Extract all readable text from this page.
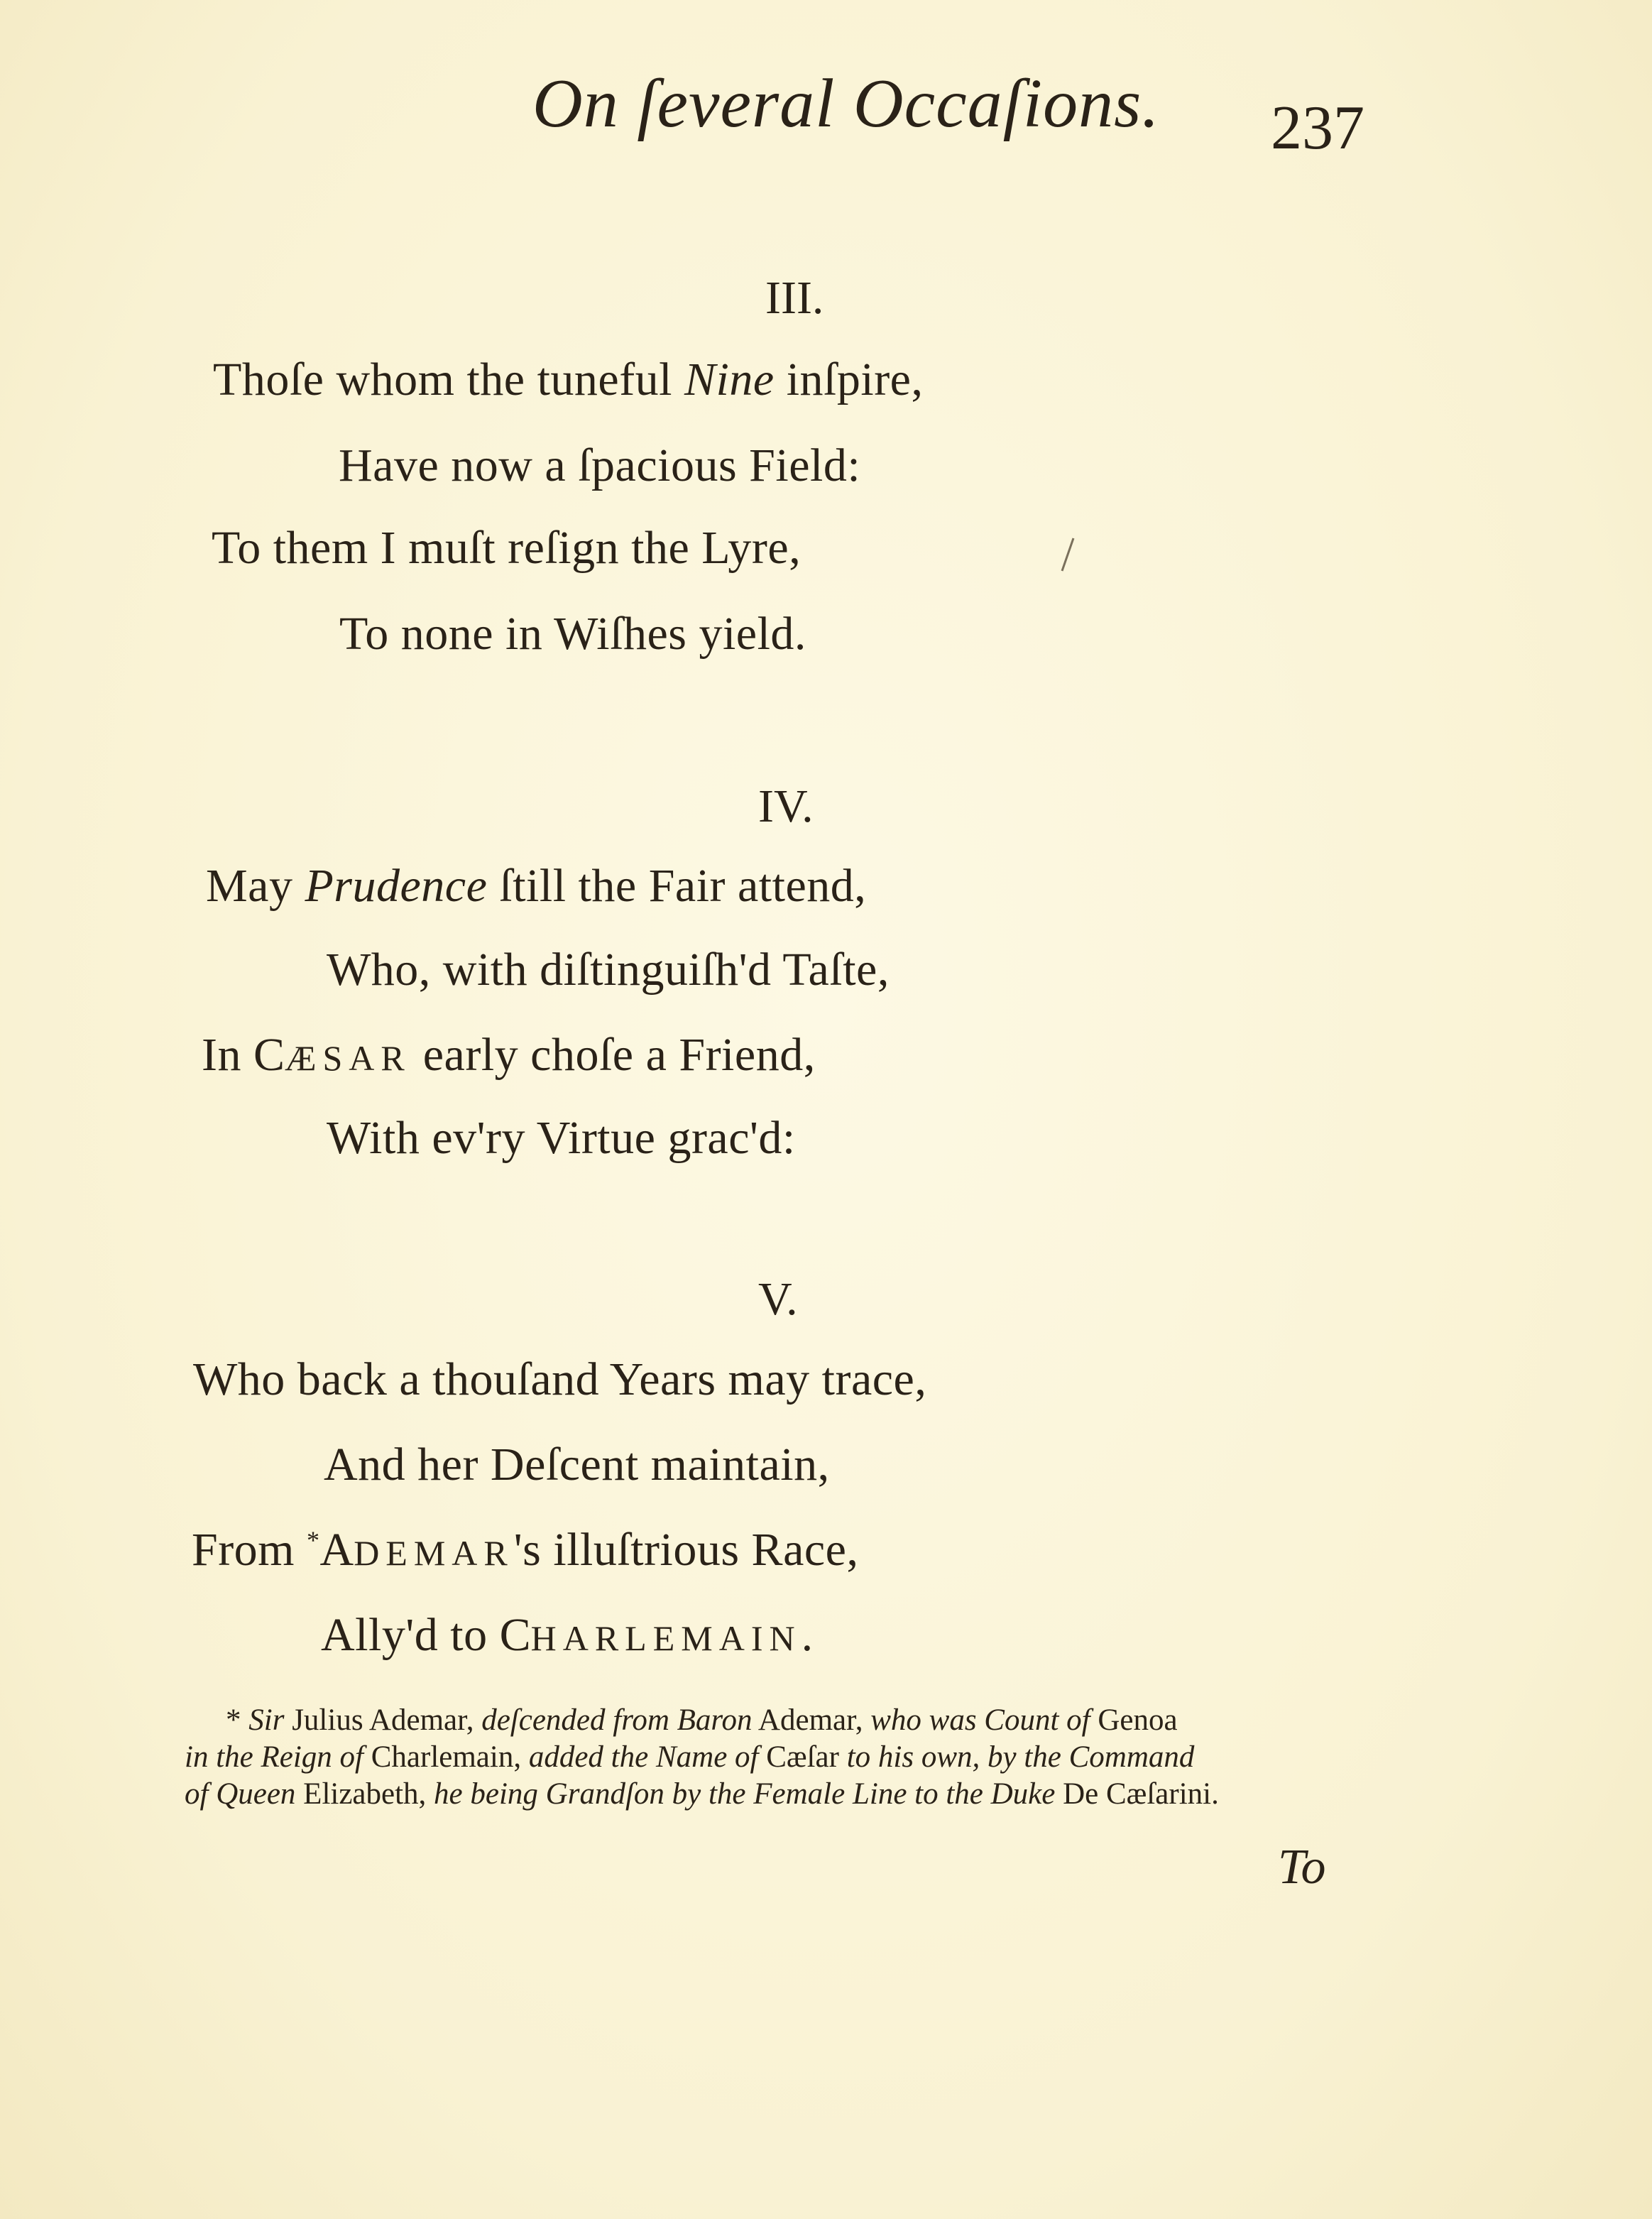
On ſeveral Occaſions. 237
III.
Thoſe whom the tuneful Nine inſpire,
Have now a ſpacious Field:
To them I muſt reſign the Lyre,
To none in Wiſhes yield.
IV.
May Prudence ſtill the Fair attend,
Who, with diſtinguiſh'd Taſte,
In CÆSAR early choſe a Friend,
With ev'ry Virtue grac'd:
V.
Who back a thouſand Years may trace,
And her Deſcent maintain,
From *ADEMAR's illuſtrious Race,
Ally'd to CHARLEMAIN.
* Sir Julius Ademar, deſcended from Baron Ademar, who was Count of Genoa
in the Reign of Charlemain, added the Name of Cæſar to his own, by the Command
of Queen Elizabeth, he being Grandſon by the Female Line to the Duke De Cæſarini.
To
